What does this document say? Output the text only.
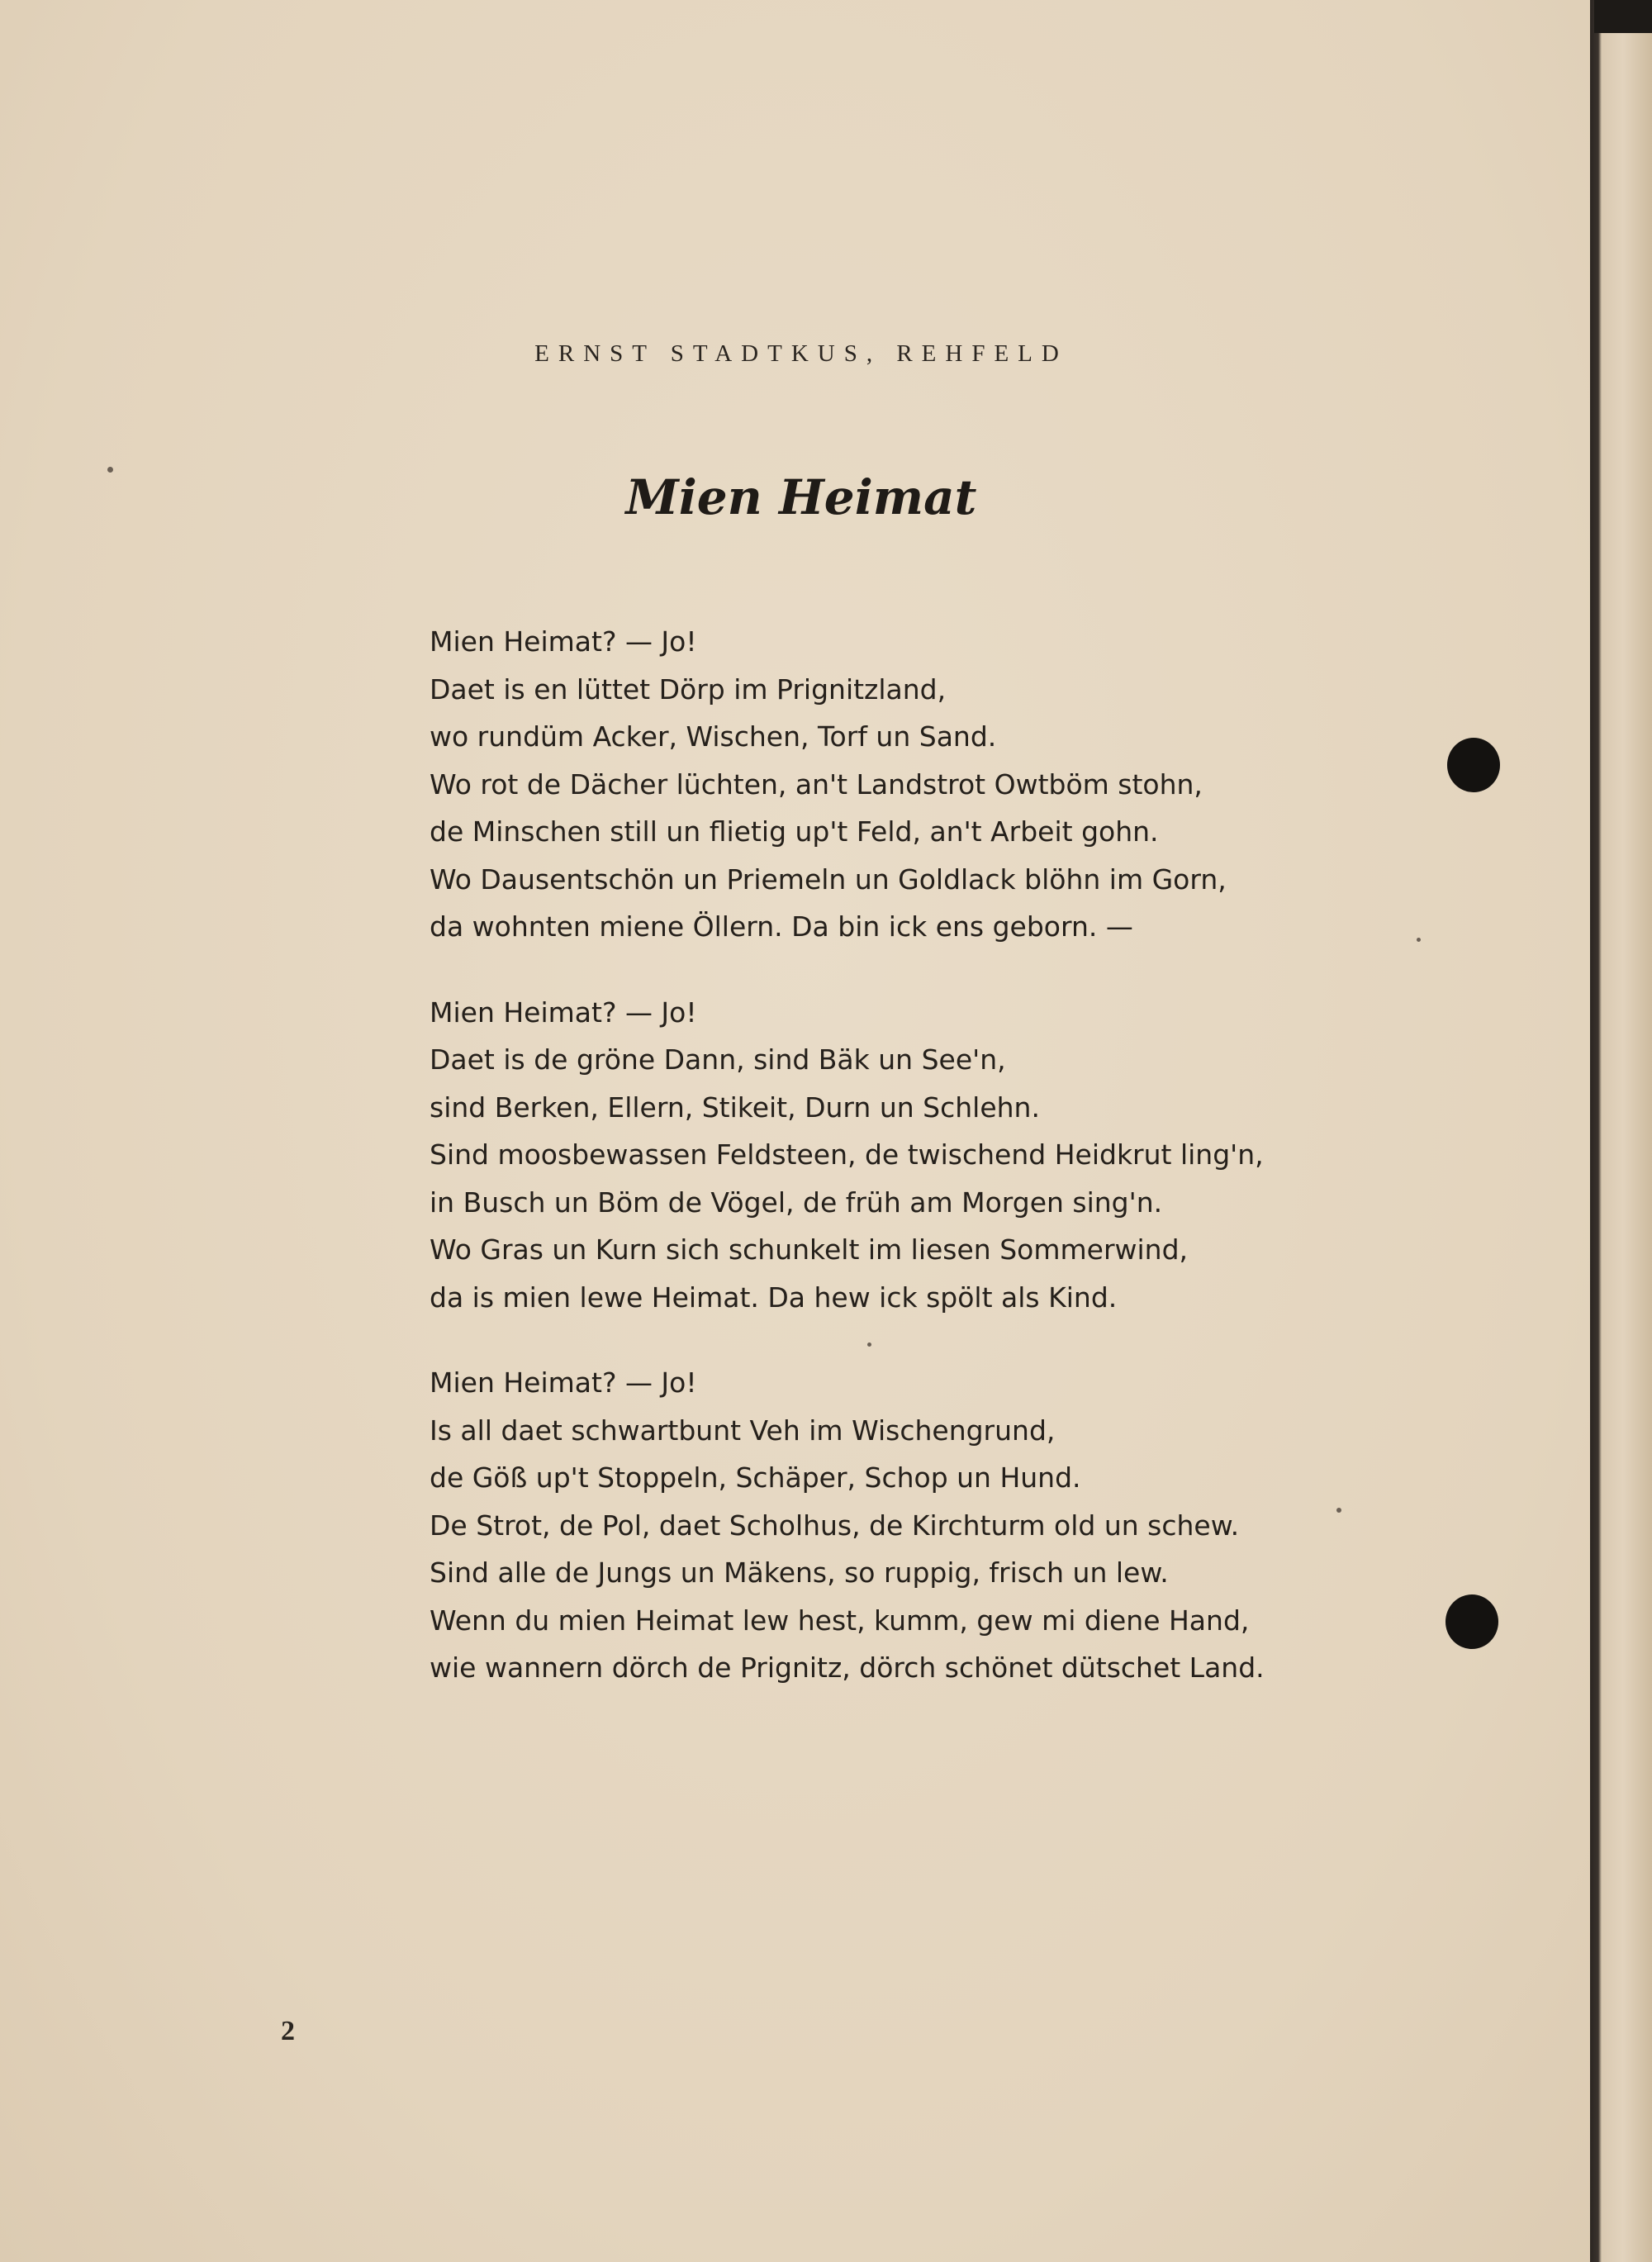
ERNST STADTKUS, REHFELD
Mien Heimat
Mien Heimat? — Jo!
Daet is en lüttet Dörp im Prignitzland,
wo rundüm Acker, Wischen, Torf un Sand.
Wo rot de Dächer lüchten, an't Landstrot Owtböm stohn,
de Minschen still un flietig up't Feld, an't Arbeit gohn.
Wo Dausentschön un Priemeln un Goldlack blöhn im Gorn,
da wohnten miene Öllern. Da bin ick ens geborn. —
Mien Heimat? — Jo!
Daet is de gröne Dann, sind Bäk un See'n,
sind Berken, Ellern, Stikeit, Durn un Schlehn.
Sind moosbewassen Feldsteen, de twischend Heidkrut ling'n,
in Busch un Böm de Vögel, de früh am Morgen sing'n.
Wo Gras un Kurn sich schunkelt im liesen Sommerwind,
da is mien lewe Heimat. Da hew ick spölt als Kind.
Mien Heimat? — Jo!
Is all daet schwartbunt Veh im Wischengrund,
de Göß up't Stoppeln, Schäper, Schop un Hund.
De Strot, de Pol, daet Scholhus, de Kirchturm old un schew.
Sind alle de Jungs un Mäkens, so ruppig, frisch un lew.
Wenn du mien Heimat lew hest, kumm, gew mi diene Hand,
wie wannern dörch de Prignitz, dörch schönet dütschet Land.
2
